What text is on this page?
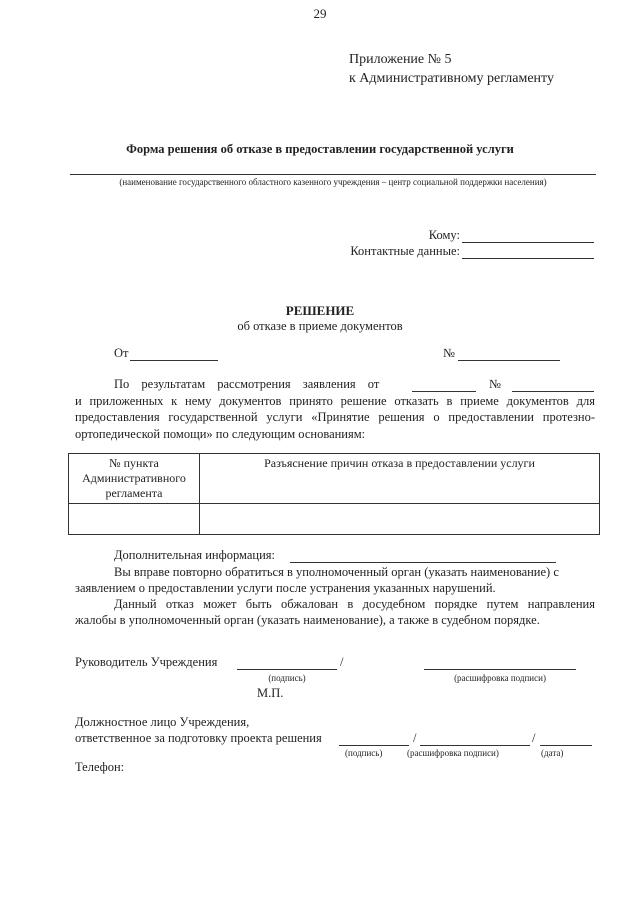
29
Приложение № 5
к Административному регламенту
Форма решения об отказе в предоставлении государственной услуги
(наименование государственного областного казенного учреждения – центр социальной поддержки населения)
Кому:
Контактные данные:
РЕШЕНИЕ
об отказе в приеме документов
От	№
По результатам рассмотрения заявления от	№
и приложенных к нему документов принято решение отказать в приеме документов для
предоставления государственной услуги «Принятие решения о предоставлении протезно-
ортопедической помощи» по следующим основаниям:
№ пункта Административного регламента	Разъяснение причин отказа в предоставлении услуги

Дополнительная информация:
Вы вправе повторно обратиться в уполномоченный орган (указать наименование) с
заявлением о предоставлении услуги после устранения указанных нарушений.
Данный отказ может быть обжалован в досудебном порядке путем направления
жалобы в уполномоченный орган (указать наименование), а также в судебном порядке.
Руководитель Учреждения	/
(подпись)	(расшифровка подписи)
М.П.
Должностное лицо Учреждения,
ответственное за подготовку проекта решения	/	/
(подпись)	(расшифровка подписи)	(дата)
Телефон:
